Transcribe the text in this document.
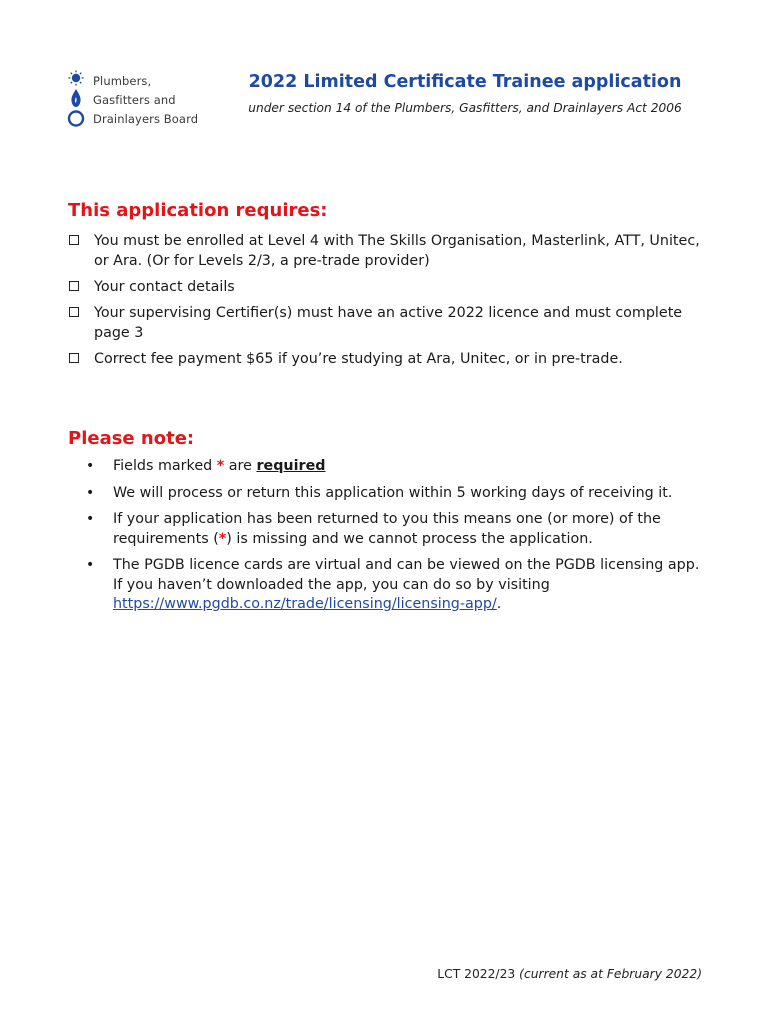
Plumbers,
Gasfitters and
Drainlayers Board
2022 Limited Certificate Trainee application
under section 14 of the Plumbers, Gasfitters, and Drainlayers Act 2006
This application requires:
You must be enrolled at Level 4 with The Skills Organisation, Masterlink, ATT, Unitec, or Ara. (Or for Levels 2/3, a pre-trade provider)
Your contact details
Your supervising Certifier(s) must have an active 2022 licence and must complete page 3
Correct fee payment $65 if you’re studying at Ara, Unitec, or in pre-trade.
Please note:
• Fields marked * are required
• We will process or return this application within 5 working days of receiving it.
• If your application has been returned to you this means one (or more) of the requirements (*) is missing and we cannot process the application.
• The PGDB licence cards are virtual and can be viewed on the PGDB licensing app. If you haven’t downloaded the app, you can do so by visiting https://www.pgdb.co.nz/trade/licensing/licensing-app/.
LCT 2022/23 (current as at February 2022)
